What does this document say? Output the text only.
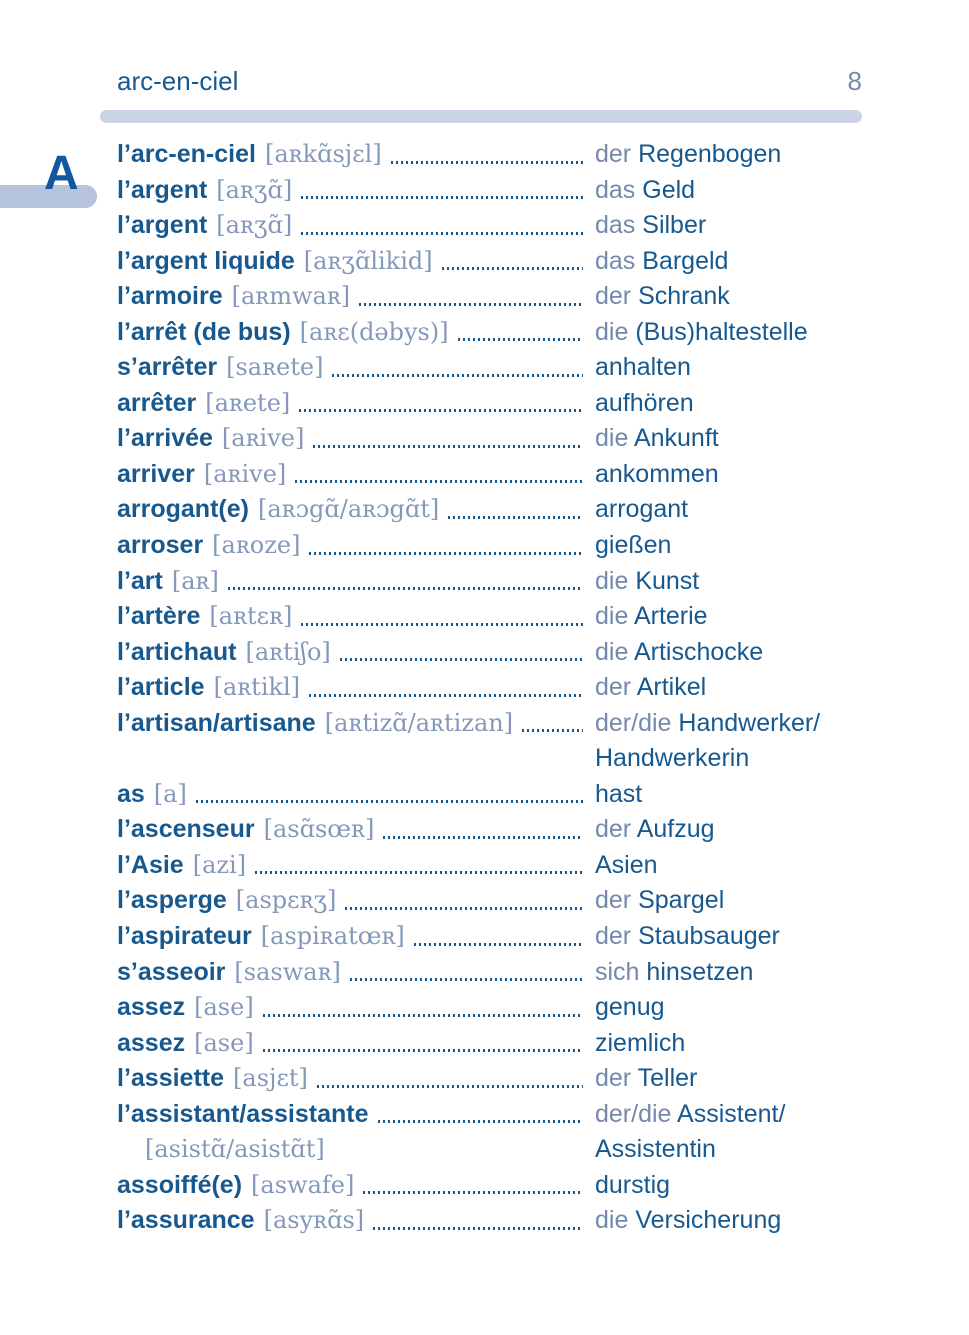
arc-en-ciel	8
A l’arc-en-ciel [aʀkɑ̃sjɛl]	der Regenbogen
l’argent [aʀʒɑ̃]	das Geld
l’argent [aʀʒɑ̃]	das Silber
l’argent liquide [aʀʒɑ̃likid]	das Bargeld
l’armoire [aʀmwaʀ]	der Schrank
l’arrêt (de bus) [aʀɛ(dəbys)]	die (Bus)haltestelle
s’arrêter [saʀete]	anhalten
arrêter [aʀete]	aufhören
l’arrivée [aʀive]	die Ankunft
arriver [aʀive]	ankommen
arrogant(e) [aʀɔgɑ̃/aʀɔgɑ̃t]	arrogant
arroser [aʀoze]	gießen
l’art [aʀ]	die Kunst
l’artère [aʀtɛʀ]	die Arterie
l’artichaut [aʀtiʃo]	die Artischocke
l’article [aʀtikl]	der Artikel
l’artisan/artisane [aʀtizɑ̃/aʀtizan]	der/die Handwerker/
Handwerkerin
as [a]	hast
l’ascenseur [asɑ̃sœʀ]	der Aufzug
l’Asie [azi]	Asien
l’asperge [aspɛʀʒ]	der Spargel
l’aspirateur [aspiʀatœʀ]	der Staubsauger
s’asseoir [saswaʀ]	sich hinsetzen
assez [ase]	genug
assez [ase]	ziemlich
l’assiette [asjɛt]	der Teller
l’assistant/assistante	der/die Assistent/
[asistɑ̃/asistɑ̃t]	Assistentin
assoiffé(e) [aswafe]	durstig
l’assurance [asyʀɑ̃s]	die Versicherung
